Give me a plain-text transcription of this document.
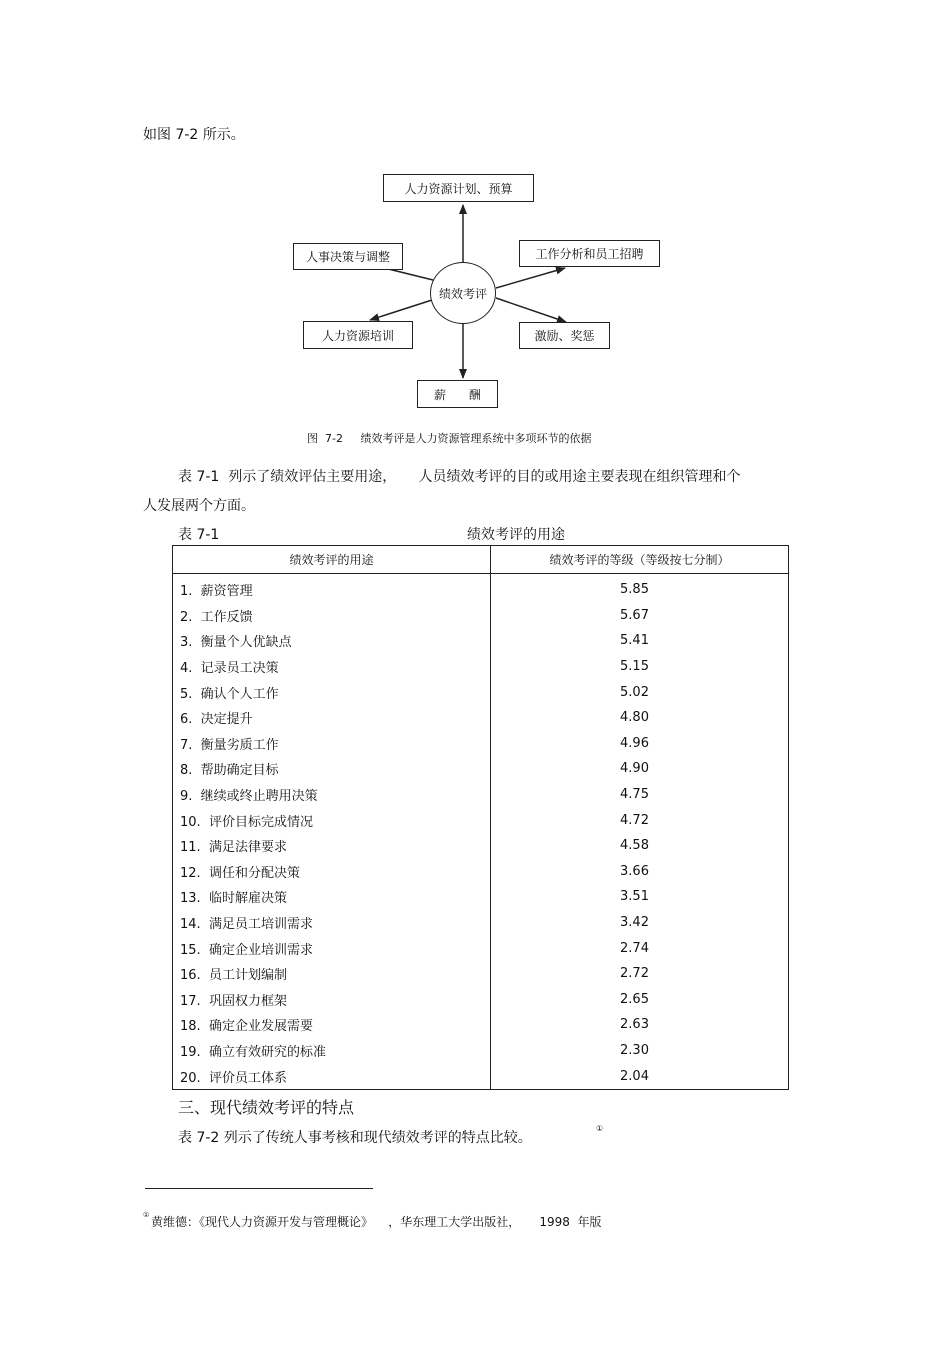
如图 7-2 所示。
人力资源计划、预算
人事决策与调整	工作分析和员工招聘
人力资源培训	激励、奖惩
薪      酬
绩效考评
图  7-2     绩效考评是人力资源管理系统中多项环节的依据
表 7-1  列示了绩效评估主要用途，     人员绩效考评的目的或用途主要表现在组织管理和个
人发展两个方面。
表 7-1	绩效考评的用途
绩效考评的用途	绩效考评的等级（等级按七分制）
1.  薪资管理	5.85
2.  工作反馈	5.67
3.  衡量个人优缺点	5.41
4.  记录员工决策	5.15
5.  确认个人工作	5.02
6.  决定提升	4.80
7.  衡量劣质工作	4.96
8.  帮助确定目标	4.90
9.  继续或终止聘用决策	4.75
10.  评价目标完成情况	4.72
11.  满足法律要求	4.58
12.  调任和分配决策	3.66
13.  临时解雇决策	3.51
14.  满足员工培训需求	3.42
15.  确定企业培训需求	2.74
16.  员工计划编制	2.72
17.  巩固权力框架	2.65
18.  确定企业发展需要	2.63
19.  确立有效研究的标准	2.30
20.  评价员工体系	2.04
三、现代绩效考评的特点
表 7-2 列示了传统人事考核和现代绩效考评的特点比较。
①
① 黄维德：《现代人力资源开发与管理概论》    ，华东理工大学出版社，     1998  年版
